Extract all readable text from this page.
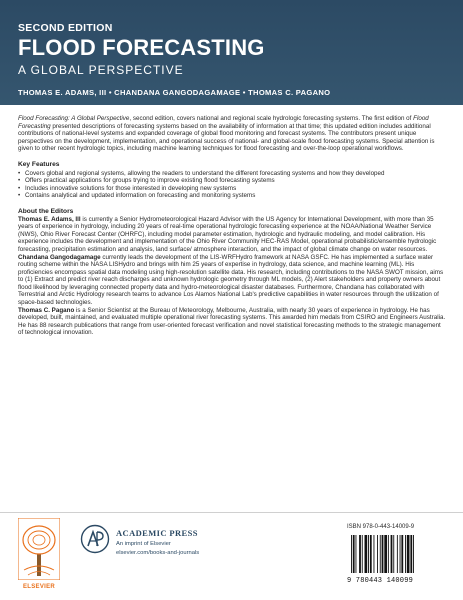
SECOND EDITION
FLOOD FORECASTING
A GLOBAL PERSPECTIVE
THOMAS E. ADAMS, III • CHANDANA GANGODAGAMAGE • THOMAS C. PAGANO

Flood Forecasting: A Global Perspective, second edition, covers national and regional scale hydrologic forecasting systems. The first edition of Flood Forecasting presented descriptions of forecasting systems based on the availability of information at that time; this updated edition includes additional contributions of national-level systems and expanded coverage of global flood monitoring and forecast systems. The contributors present unique perspectives on the development, implementation, and operational success of national- and global-scale flood forecasting systems. Special attention is given to other recent hydrologic topics, including machine learning techniques for flood forecasting and over-the-loop operational workflows.

Key Features
• Covers global and regional systems, allowing the readers to understand the different forecasting systems and how they developed
• Offers practical applications for groups trying to improve existing flood forecasting systems
• Includes innovative solutions for those interested in developing new systems
• Contains analytical and updated information on forecasting and monitoring systems
About the Editors

Thomas E. Adams, III is currently a Senior Hydrometeorological Hazard Advisor with the US Agency for International Development, with more than 35 years of experience in hydrology, including 20 years of real-time operational hydrologic forecasting experience at the NOAA/National Weather Service (NWS), Ohio River Forecast Center (OHRFC), including model parameter estimation, hydrologic and hydraulic modeling, and model calibration. His experience includes the development and implementation of the Ohio River Community HEC-RAS Model, operational probabilistic/ensemble hydrologic forecasting, precipitation estimation and analysis, land surface/ atmosphere interaction, and the impact of global climate change on water resources.

Chandana Gangodagamage currently leads the development of the LIS-WRFHydro framework at NASA GSFC. He has implemented a surface water routing scheme within the NASA LISHydro and brings with him 25 years of expertise in hydrology, data science, and machine learning (ML). His proficiencies encompass spatial data modeling using high-resolution satellite data. His research, including contributions to the NASA SWOT mission, aims to (1) Extract and predict river reach discharges and unknown hydrologic geometry through ML models, (2) Alert stakeholders and property owners about flood likelihood by leveraging connected property data and hydro-meteorological disaster databases. Furthermore, Chandana has collaborated with Terrestrial and Arctic Hydrology research teams to advance Los Alamos National Lab's predictive capabilities in water resources through the utilization of space-based technologies.

Thomas C. Pagano is a Senior Scientist at the Bureau of Meteorology, Melbourne, Australia, with nearly 30 years of experience in hydrology. He has developed, built, maintained, and evaluated multiple operational river forecasting systems. This awarded him medals from CSIRO and Engineers Australia. He has 88 research publications that range from user-oriented forecast verification and novel statistical forecasting methods to the strategic management of technological innovation.

ELSEVIER
ACADEMIC PRESS
An imprint of Elsevier
elsevier.com/books-and-journals
ISBN 978-0-443-14009-9
9 780443 140099
